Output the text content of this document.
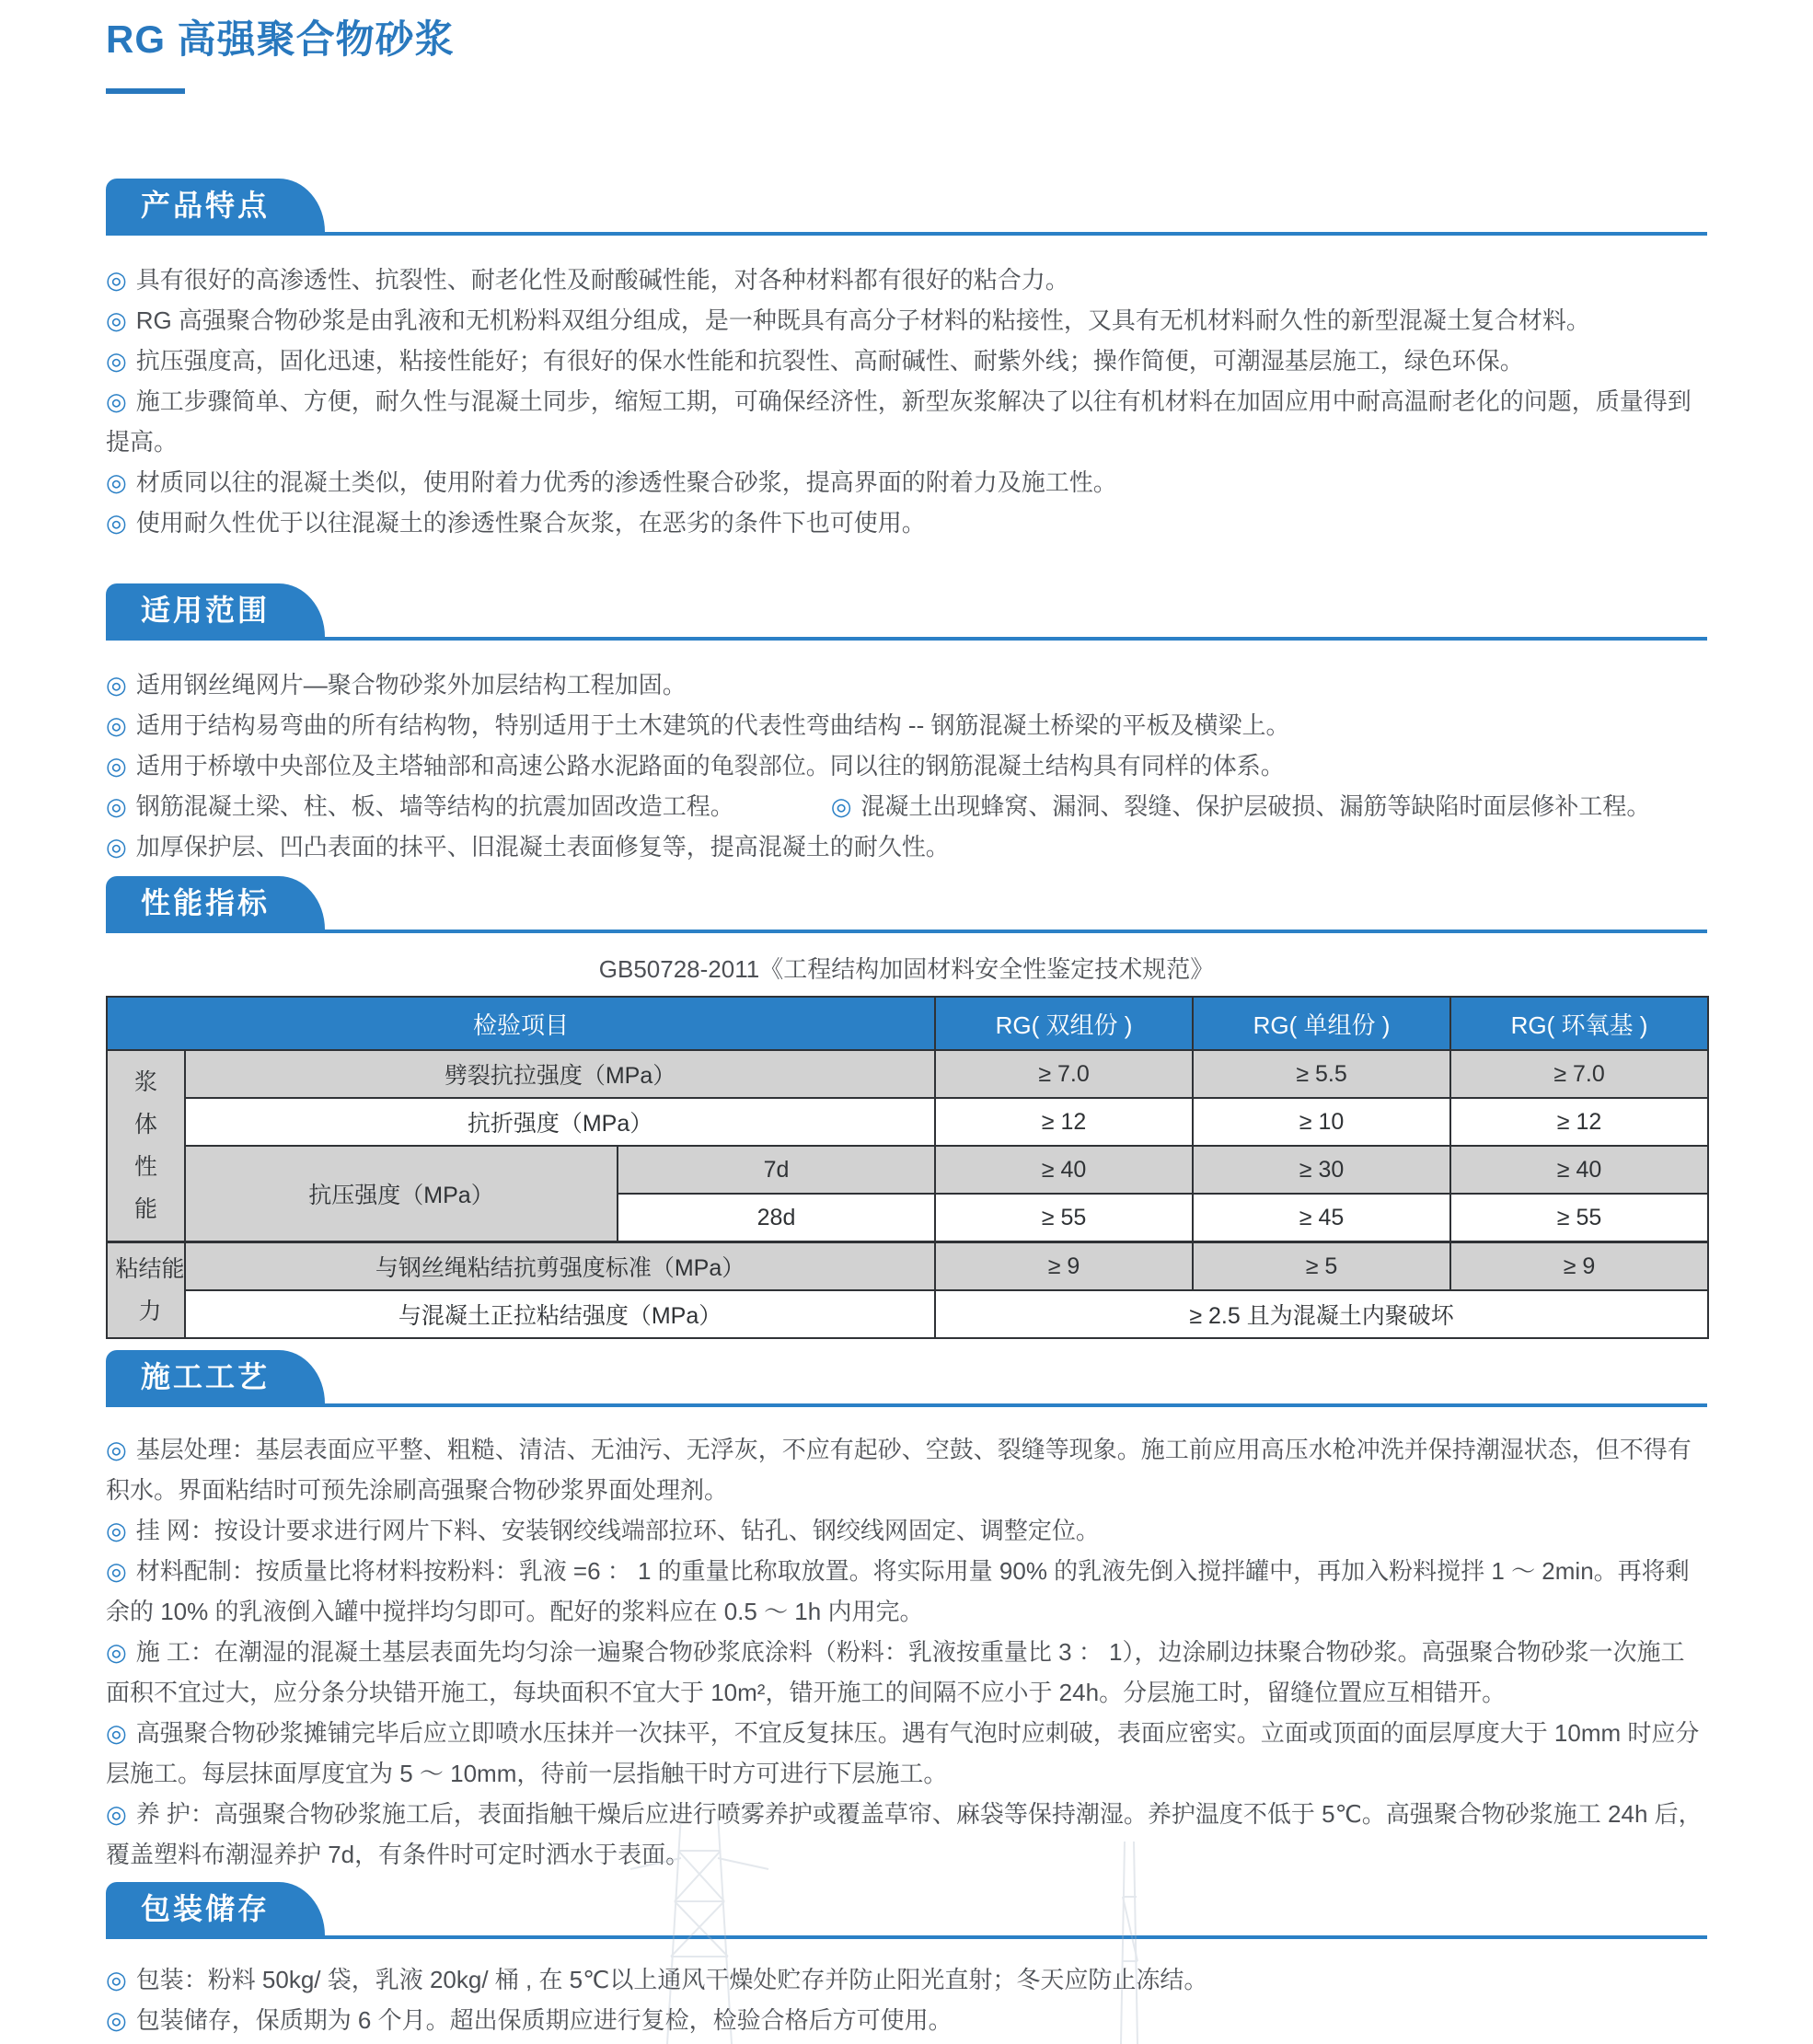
RG 高强聚合物砂浆
产品特点

◎ 具有很好的高渗透性、抗裂性、耐老化性及耐酸碱性能，对各种材料都有很好的粘合力。

◎ RG 高强聚合物砂浆是由乳液和无机粉料双组分组成，是一种既具有高分子材料的粘接性，又具有无机材料耐久性的新型混凝土复合材料。

◎ 抗压强度高，固化迅速，粘接性能好；有很好的保水性能和抗裂性、高耐碱性、耐紫外线；操作简便，可潮湿基层施工，绿色环保。

◎ 施工步骤简单、方便，耐久性与混凝土同步，缩短工期，可确保经济性，新型灰浆解决了以往有机材料在加固应用中耐高温耐老化的问题，质量得到提高。

◎ 材质同以往的混凝土类似，使用附着力优秀的渗透性聚合砂浆，提高界面的附着力及施工性。

◎ 使用耐久性优于以往混凝土的渗透性聚合灰浆，在恶劣的条件下也可使用。

适用范围

◎ 适用钢丝绳网片—聚合物砂浆外加层结构工程加固。

◎ 适用于结构易弯曲的所有结构物，特别适用于土木建筑的代表性弯曲结构 -- 钢筋混凝土桥梁的平板及横梁上。

◎ 适用于桥墩中央部位及主塔轴部和高速公路水泥路面的龟裂部位。同以往的钢筋混凝土结构具有同样的体系。

◎ 钢筋混凝土梁、柱、板、墙等结构的抗震加固改造工程。	◎ 混凝土出现蜂窝、漏洞、裂缝、保护层破损、漏筋等缺陷时面层修补工程。

◎ 加厚保护层、凹凸表面的抹平、旧混凝土表面修复等，提高混凝土的耐久性。

性能指标
GB50728-2011《工程结构加固材料安全性鉴定技术规范》
检验项目			RG( 双组份 )	RG( 单组份 )	RG( 环氧基 )
浆体性能	劈裂抗拉强度（MPa）		≥ 7.0	≥ 5.5	≥ 7.0
	抗折强度（MPa）		≥ 12	≥ 10	≥ 12
	抗压强度（MPa）	7d	≥ 40	≥ 30	≥ 40
		28d	≥ 55	≥ 45	≥ 55
粘结能力	与钢丝绳粘结抗剪强度标准（MPa）		≥ 9	≥ 5	≥ 9
	与混凝土正拉粘结强度（MPa）		≥ 2.5 且为混凝土内聚破坏		
施工工艺

◎ 基层处理：基层表面应平整、粗糙、清洁、无油污、无浮灰，不应有起砂、空鼓、裂缝等现象。施工前应用高压水枪冲洗并保持潮湿状态，但不得有积水。界面粘结时可预先涂刷高强聚合物砂浆界面处理剂。

◎ 挂 网：按设计要求进行网片下料、安装钢绞线端部拉环、钻孔、钢绞线网固定、调整定位。

◎ 材料配制：按质量比将材料按粉料：乳液 =6 ： 1 的重量比称取放置。将实际用量 90% 的乳液先倒入搅拌罐中，再加入粉料搅拌 1 ～ 2min。再将剩余的 10% 的乳液倒入罐中搅拌均匀即可。配好的浆料应在 0.5 ～ 1h 内用完。

◎ 施 工：在潮湿的混凝土基层表面先均匀涂一遍聚合物砂浆底涂料（粉料：乳液按重量比 3 ： 1），边涂刷边抹聚合物砂浆。高强聚合物砂浆一次施工面积不宜过大，应分条分块错开施工，每块面积不宜大于 10m²，错开施工的间隔不应小于 24h。分层施工时，留缝位置应互相错开。

◎ 高强聚合物砂浆摊铺完毕后应立即喷水压抹并一次抹平，不宜反复抹压。遇有气泡时应刺破，表面应密实。立面或顶面的面层厚度大于 10mm 时应分层施工。每层抹面厚度宜为 5 ～ 10mm，待前一层指触干时方可进行下层施工。

◎ 养 护：高强聚合物砂浆施工后，表面指触干燥后应进行喷雾养护或覆盖草帘、麻袋等保持潮湿。养护温度不低于 5℃。高强聚合物砂浆施工 24h 后，覆盖塑料布潮湿养护 7d，有条件时可定时洒水于表面。

包装储存

◎ 包装：粉料 50kg/ 袋，乳液 20kg/ 桶 , 在 5℃以上通风干燥处贮存并防止阳光直射；冬天应防止冻结。

◎ 包装储存，保质期为 6 个月。超出保质期应进行复检，检验合格后方可使用。
